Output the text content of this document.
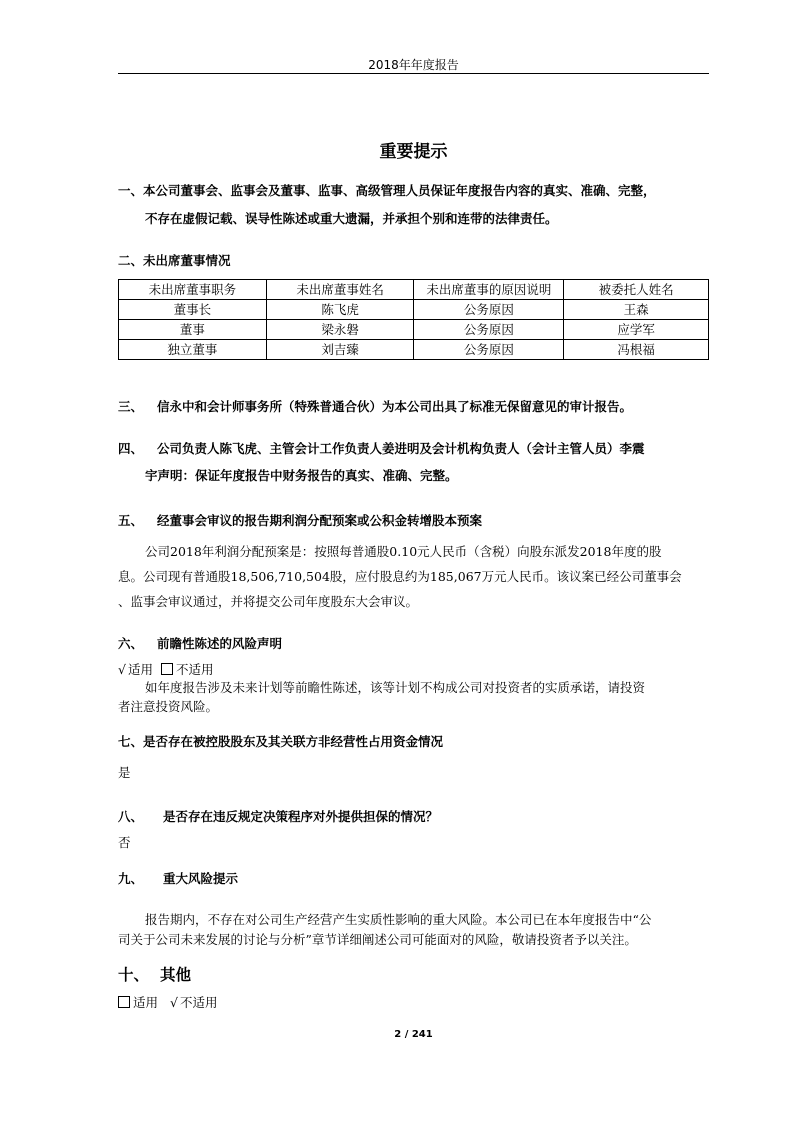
2018年年度报告
重要提示
一、本公司董事会、监事会及董事、监事、高级管理人员保证年度报告内容的真实、准确、完整，
不存在虚假记载、误导性陈述或重大遗漏，并承担个别和连带的法律责任。
二、未出席董事情况
未出席董事职务	未出席董事姓名	未出席董事的原因说明	被委托人姓名
董事长	陈飞虎	公务原因	王森
董事	梁永磐	公务原因	应学军
独立董事	刘吉臻	公务原因	冯根福
三、 信永中和会计师事务所（特殊普通合伙）为本公司出具了标准无保留意见的审计报告。
四、 公司负责人陈飞虎、主管会计工作负责人姜进明及会计机构负责人（会计主管人员）李震
宇声明：保证年度报告中财务报告的真实、准确、完整。
五、 经董事会审议的报告期利润分配预案或公积金转增股本预案
公司2018年利润分配预案是：按照每普通股0.10元人民币（含税）向股东派发2018年度的股
息。公司现有普通股18,506,710,504股，应付股息约为185,067万元人民币。该议案已经公司董事会
、监事会审议通过，并将提交公司年度股东大会审议。
六、 前瞻性陈述的风险声明
√ 适用 不适用
如年度报告涉及未来计划等前瞻性陈述，该等计划不构成公司对投资者的实质承诺，请投资
者注意投资风险。
七、是否存在被控股股东及其关联方非经营性占用资金情况
是
八、 是否存在违反规定决策程序对外提供担保的情况？
否
九、 重大风险提示
报告期内，不存在对公司生产经营产生实质性影响的重大风险。本公司已在本年度报告中“公
司关于公司未来发展的讨论与分析”章节详细阐述公司可能面对的风险，敬请投资者予以关注。
十、 其他
适用 √ 不适用
2 / 241
